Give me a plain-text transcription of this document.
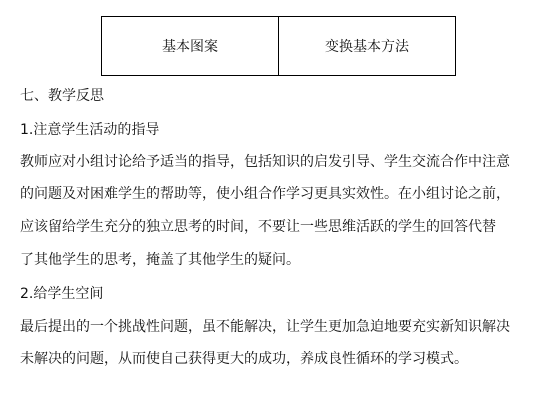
基本图案	变换基本方法
七、教学反思
1.注意学生活动的指导
教师应对小组讨论给予适当的指导，包括知识的启发引导、学生交流合作中注意
的问题及对困难学生的帮助等，使小组合作学习更具实效性。在小组讨论之前，
应该留给学生充分的独立思考的时间，不要让一些思维活跃的学生的回答代替
了其他学生的思考，掩盖了其他学生的疑问。
2.给学生空间
最后提出的一个挑战性问题，虽不能解决，让学生更加急迫地要充实新知识解决
未解决的问题，从而使自己获得更大的成功，养成良性循环的学习模式。
